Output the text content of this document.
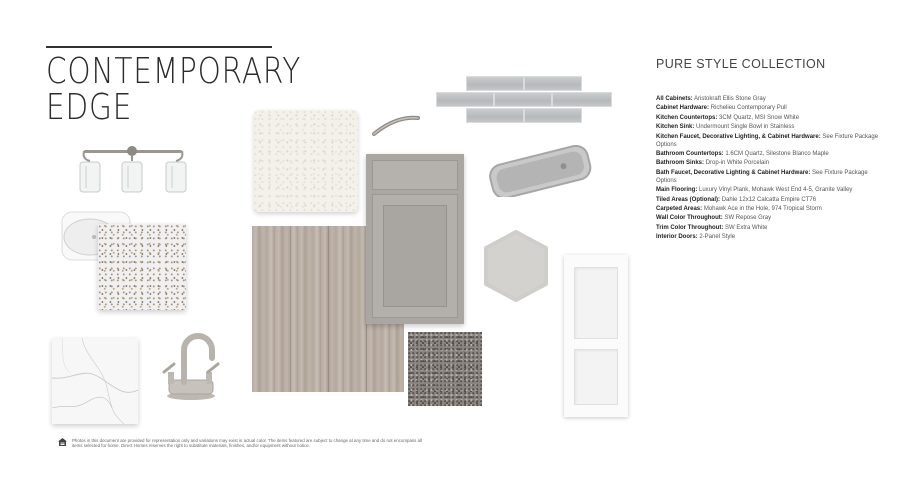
CONTEMPORARY
EDGE
PURE STYLE COLLECTION
All Cabinets: Aristokraft Ellis Stone Gray
Cabinet Hardware: Richelieu Contemporary Pull
Kitchen Countertops: 3CM Quartz, MSI Snow White
Kitchen Sink: Undermount Single Bowl in Stainless
Kitchen Faucet, Decorative Lighting, & Cabinet Hardware: See Fixture Package Options
Bathroom Countertops: 1.6CM Quartz, Silestone Blanco Maple
Bathroom Sinks: Drop-in White Porcelain
Bath Faucet, Decorative Lighting & Cabinet Hardware: See Fixture Package Options
Main Flooring: Luxury Vinyl Plank, Mohawk West End 4-5, Granite Valley
Tiled Areas (Optional): Dahle 12x12 Calcatta Empire CT76
Carpeted Areas: Mohawk Ace in the Hole, 974 Tropical Storm
Wall Color Throughout: SW Repose Gray
Trim Color Throughout: SW Extra White
Interior Doors: 2-Panel Style
Photos in this document are provided for representation only and variations may exist in actual color. The items featured are subject to change at any time and do not encompass all items selected for home. Direct Homes reserves the right to substitute materials, finishes, and/or equipment without notice.
